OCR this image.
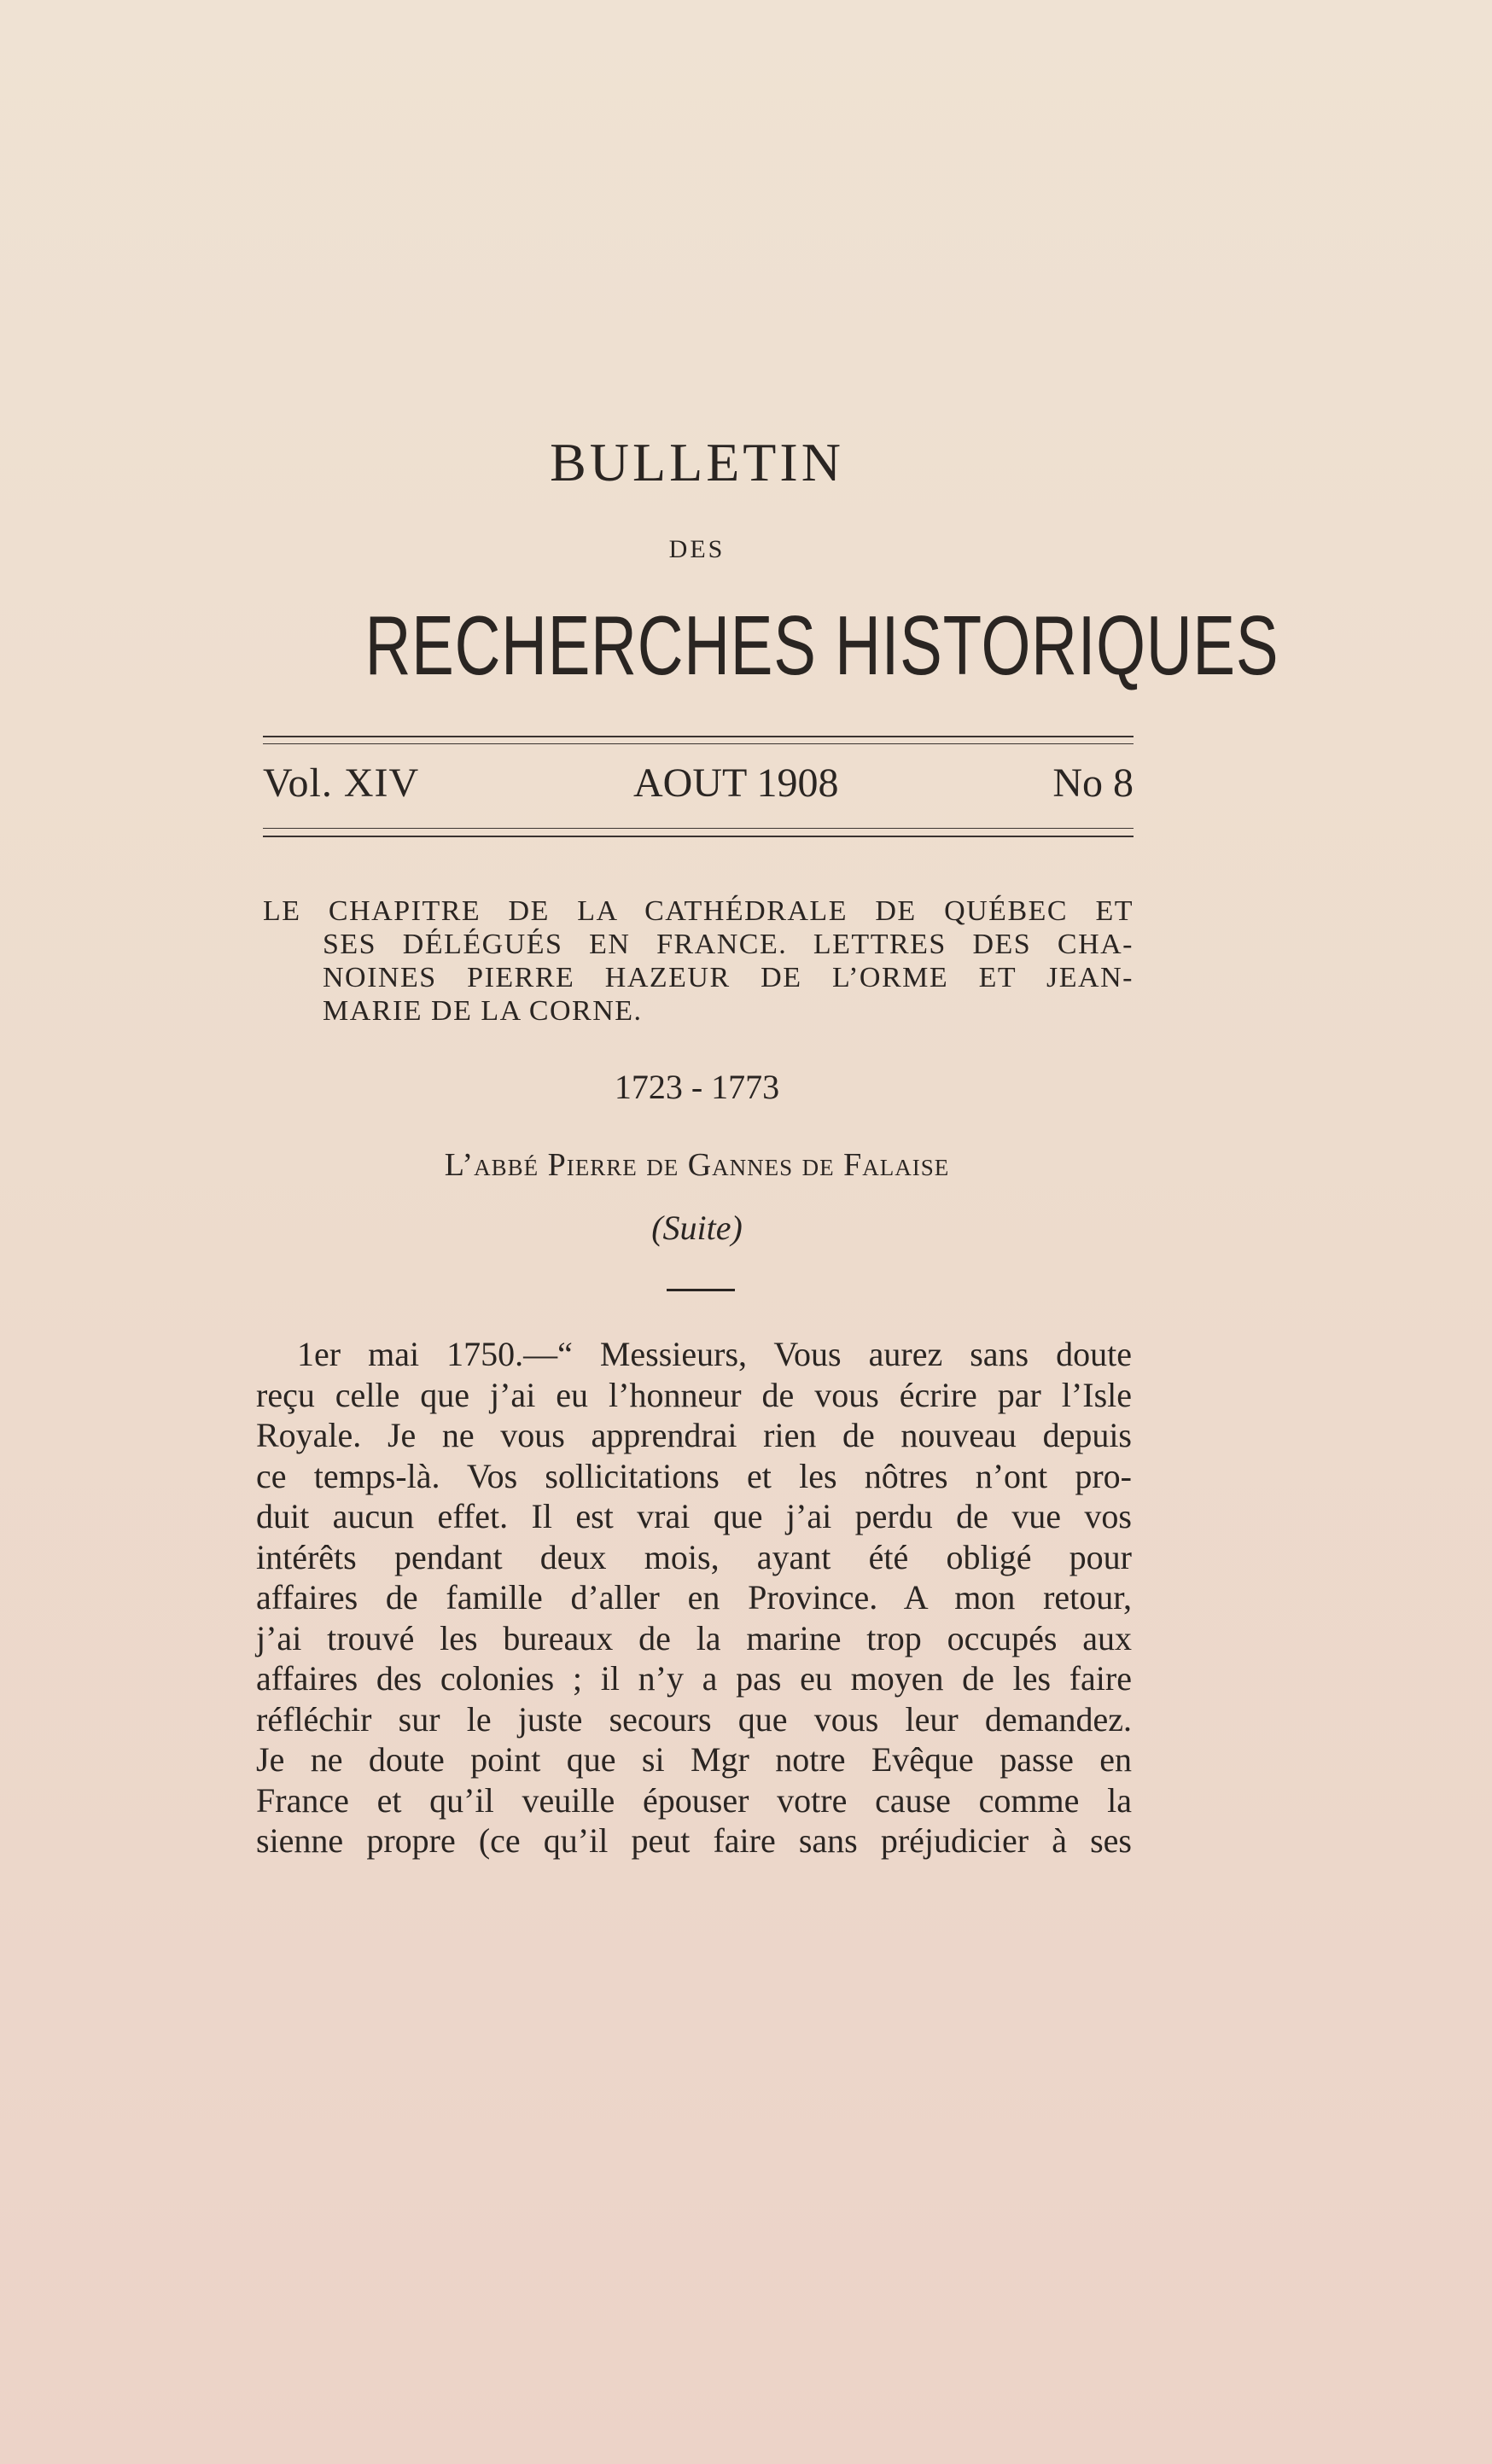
BULLETIN
DES
RECHERCHES HISTORIQUES
Vol. XIV	AOUT 1908	No 8
LE CHAPITRE DE LA CATHÉDRALE DE QUÉBEC ET
SES DÉLÉGUÉS EN FRANCE. LETTRES DES CHA-
NOINES PIERRE HAZEUR DE L’ORME ET JEAN-
MARIE DE LA CORNE.
1723 - 1773
L’abbé Pierre de Gannes de Falaise
(Suite)
1er mai 1750.—“ Messieurs, Vous aurez sans doute
reçu celle que j’ai eu l’honneur de vous écrire par l’Isle
Royale. Je ne vous apprendrai rien de nouveau depuis
ce temps-là. Vos sollicitations et les nôtres n’ont pro-
duit aucun effet. Il est vrai que j’ai perdu de vue vos
intérêts pendant deux mois, ayant été obligé pour
affaires de famille d’aller en Province. A mon retour,
j’ai trouvé les bureaux de la marine trop occupés aux
affaires des colonies ; il n’y a pas eu moyen de les faire
réfléchir sur le juste secours que vous leur demandez.
Je ne doute point que si Mgr notre Evêque passe en
France et qu’il veuille épouser votre cause comme la
sienne propre (ce qu’il peut faire sans préjudicier à ses
